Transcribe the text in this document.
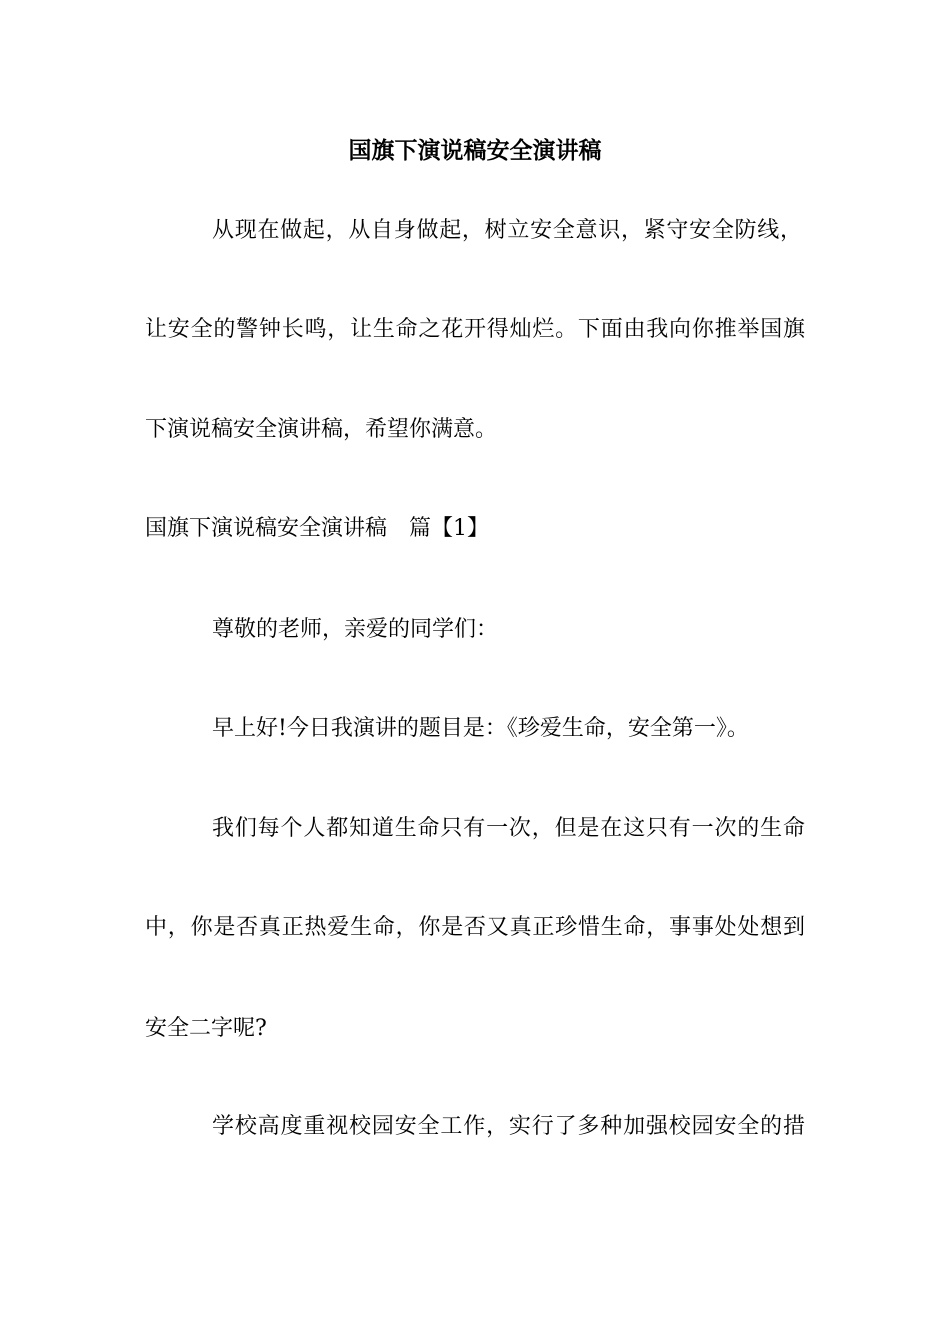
国旗下演说稿安全演讲稿
从现在做起，从自身做起，树立安全意识，紧守安全防线，
让安全的警钟长鸣，让生命之花开得灿烂。下面由我向你推举国旗
下演说稿安全演讲稿，希望你满意。
国旗下演说稿安全演讲稿　篇【1】
尊敬的老师，亲爱的同学们：
早上好!今日我演讲的题目是：《珍爱生命，安全第一》。
我们每个人都知道生命只有一次，但是在这只有一次的生命
中，你是否真正热爱生命，你是否又真正珍惜生命，事事处处想到
安全二字呢?
学校高度重视校园安全工作，实行了多种加强校园安全的措
